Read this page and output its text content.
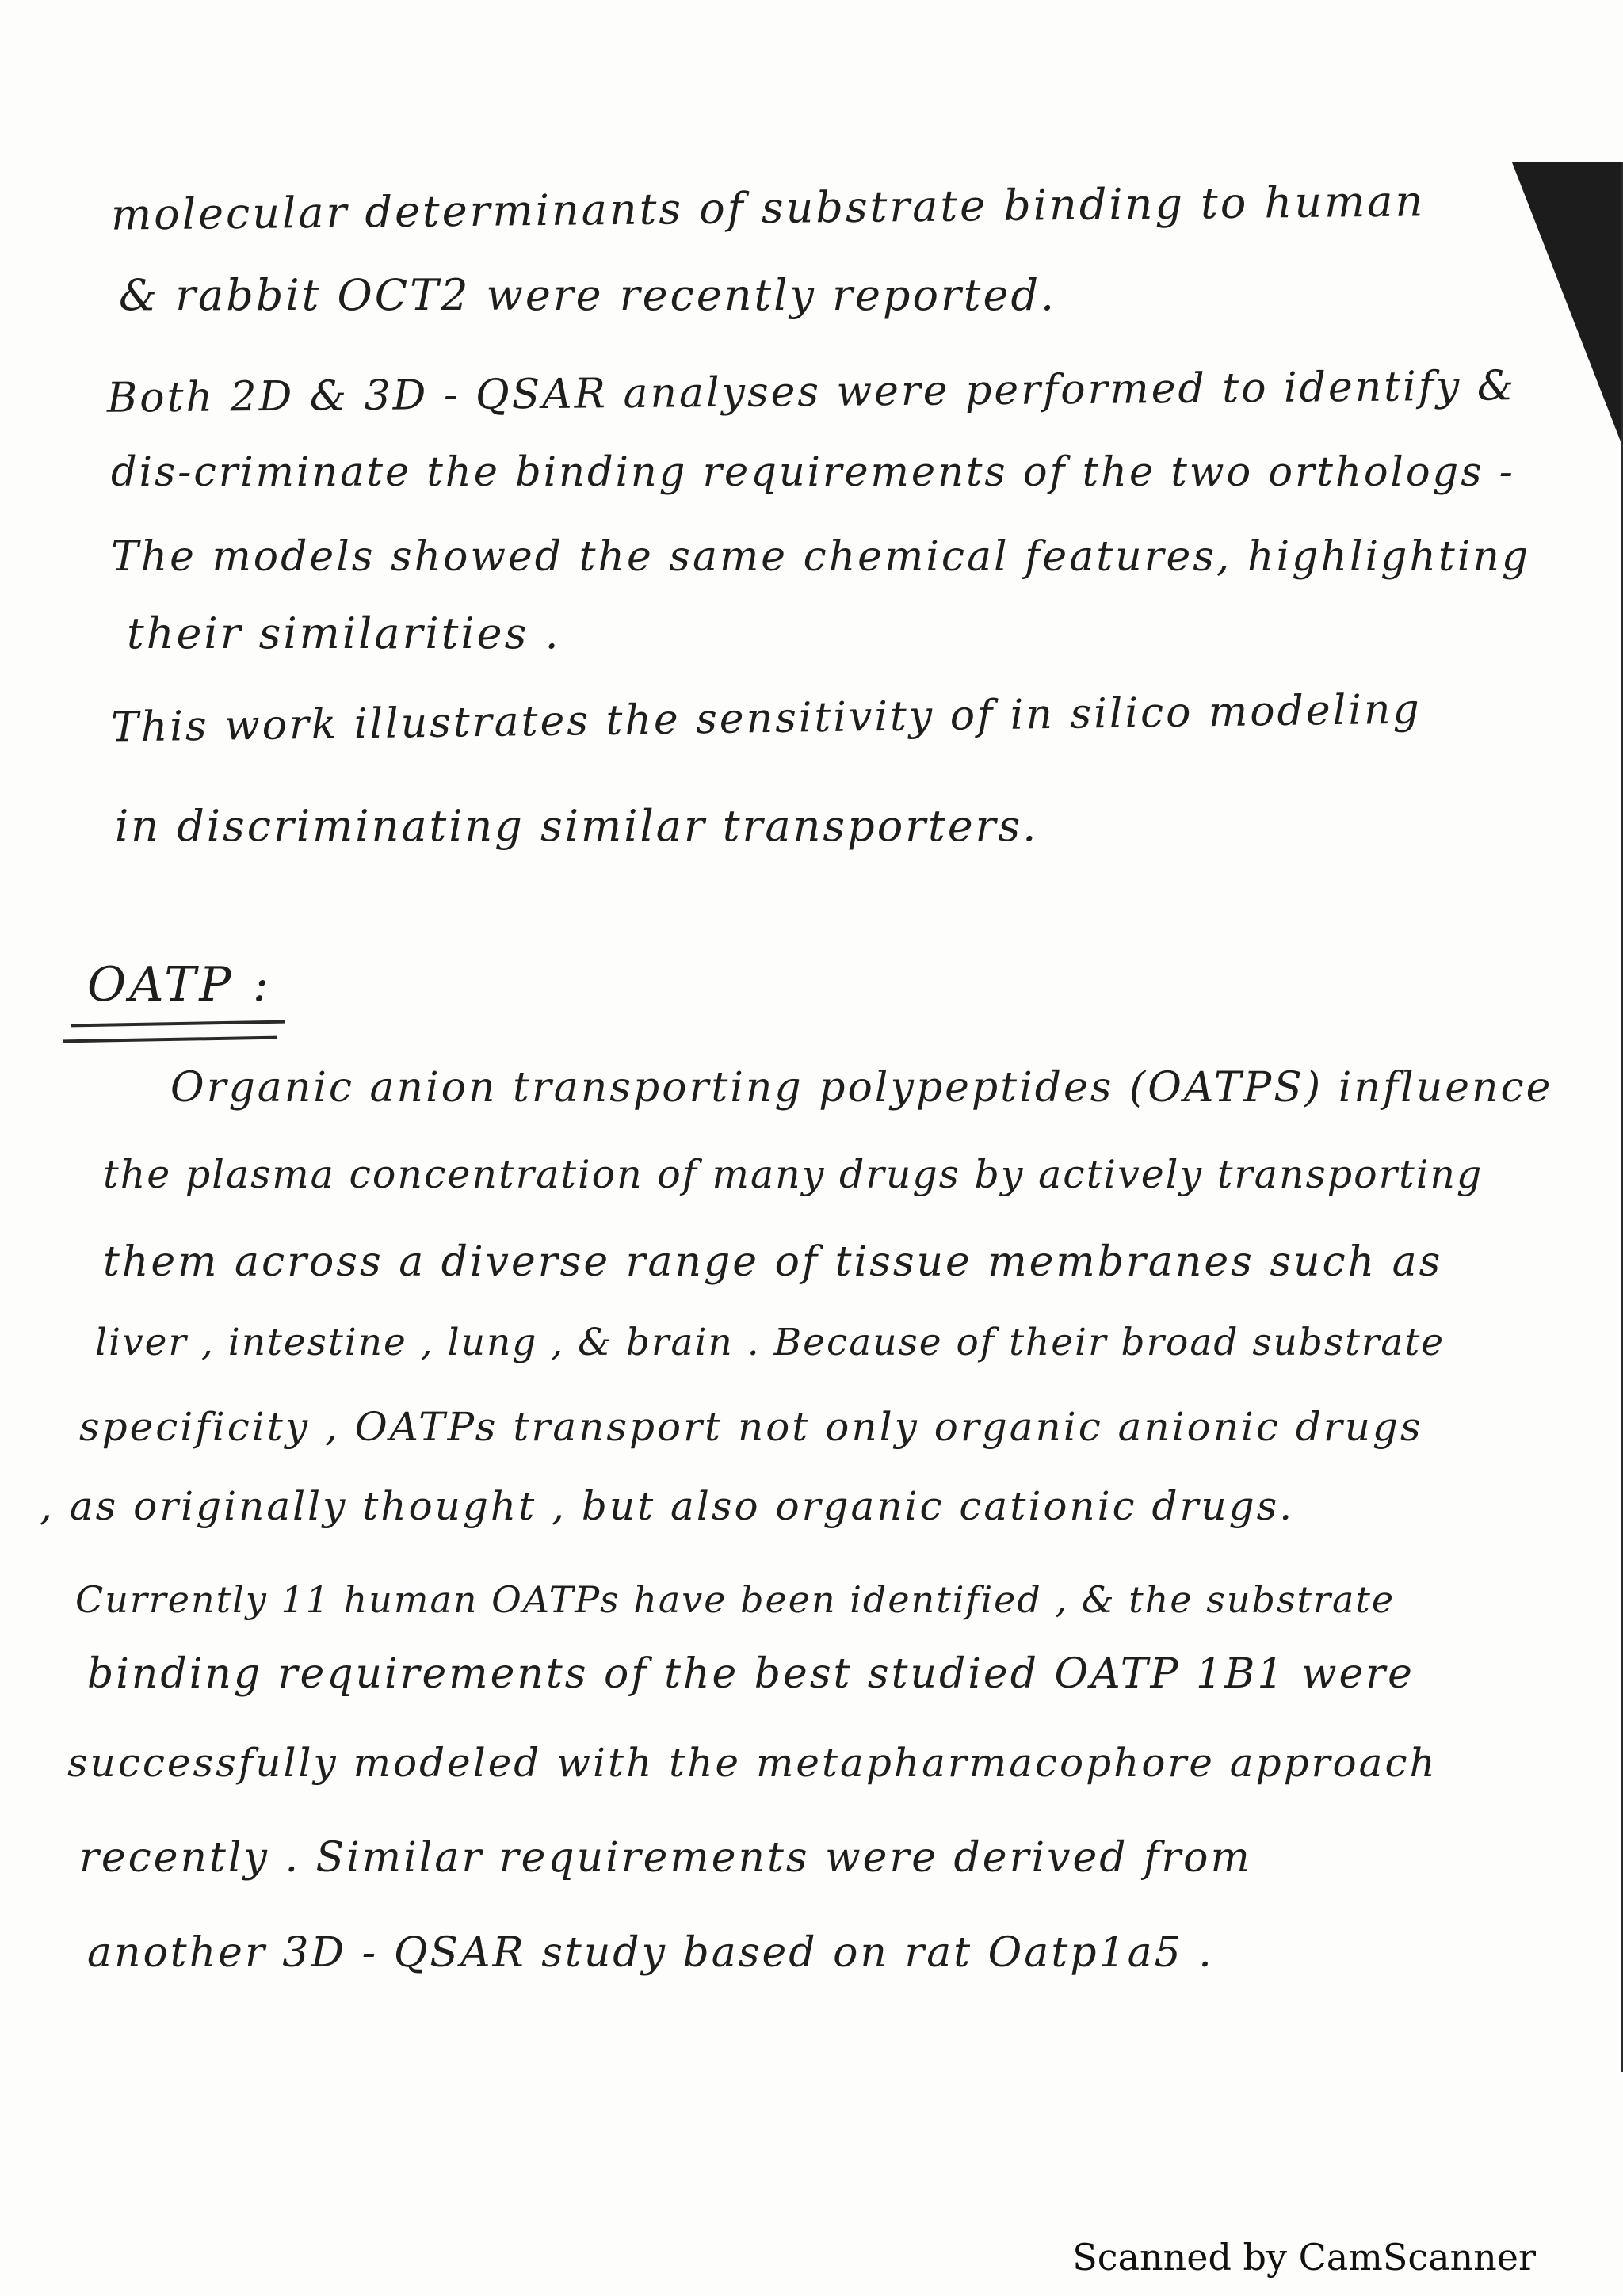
molecular determinants of substrate binding to human
& rabbit OCT2 were recently reported.
Both 2D & 3D - QSAR analyses were performed to identify &
dis-criminate the binding requirements of the two orthologs -
The models showed the same chemical features, highlighting
their similarities .
This work illustrates the sensitivity of in silico modeling
in discriminating similar transporters.
OATP :
Organic anion transporting polypeptides (OATPS) influence
the plasma concentration of many drugs by actively transporting
them across a diverse range of tissue membranes such as
liver , intestine , lung , & brain . Because of their broad substrate
specificity , OATPs transport not only organic anionic drugs
, as originally thought , but also organic cationic drugs.
Currently 11 human OATPs have been identified , & the substrate
binding requirements of the best studied OATP 1B1 were
successfully modeled with the metapharmacophore approach
recently . Similar requirements were derived from
another 3D - QSAR study based on rat Oatp1a5 .
Scanned by CamScanner
